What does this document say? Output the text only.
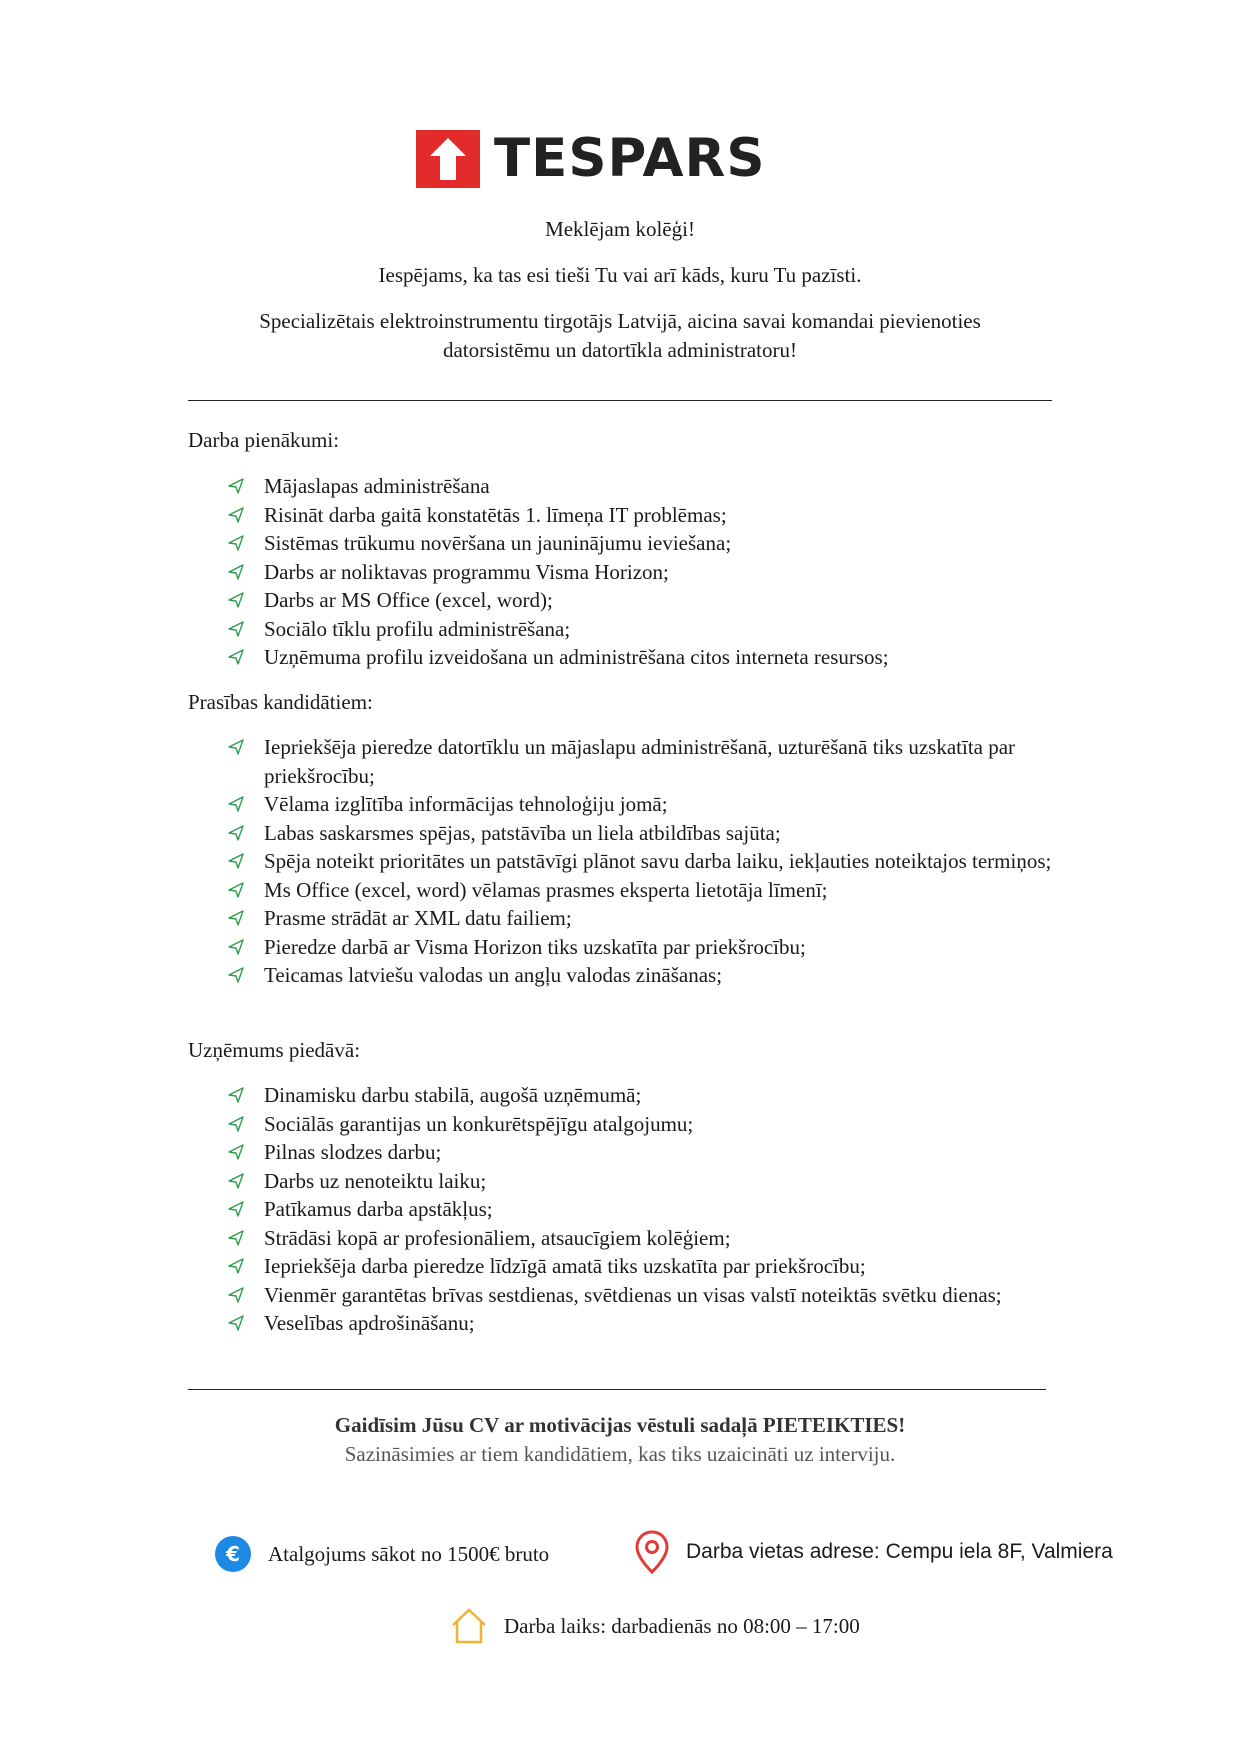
TESPARS
Meklējam kolēģi!
Iespējams, ka tas esi tieši Tu vai arī kāds, kuru Tu pazīsti.
Specializētais elektroinstrumentu tirgotājs Latvijā, aicina savai komandai pievienoties
datorsistēmu un datortīkla administratoru!
Darba pienākumi:
Mājaslapas administrēšana
Risināt darba gaitā konstatētās 1. līmeņa IT problēmas;
Sistēmas trūkumu novēršana un jauninājumu ieviešana;
Darbs ar noliktavas programmu Visma Horizon;
Darbs ar MS Office (excel, word);
Sociālo tīklu profilu administrēšana;
Uzņēmuma profilu izveidošana un administrēšana citos interneta resursos;
Prasības kandidātiem:
Iepriekšēja pieredze datortīklu un mājaslapu administrēšanā, uzturēšanā tiks uzskatīta par priekšrocību;
Vēlama izglītība informācijas tehnoloģiju jomā;
Labas saskarsmes spējas, patstāvība un liela atbildības sajūta;
Spēja noteikt prioritātes un patstāvīgi plānot savu darba laiku, iekļauties noteiktajos termiņos;
Ms Office (excel, word) vēlamas prasmes eksperta lietotāja līmenī;
Prasme strādāt ar XML datu failiem;
Pieredze darbā ar Visma Horizon tiks uzskatīta par priekšrocību;
Teicamas latviešu valodas un angļu valodas zināšanas;
Uzņēmums piedāvā:
Dinamisku darbu stabilā, augošā uzņēmumā;
Sociālās garantijas un konkurētspējīgu atalgojumu;
Pilnas slodzes darbu;
Darbs uz nenoteiktu laiku;
Patīkamus darba apstākļus;
Strādāsi kopā ar profesionāliem, atsaucīgiem kolēģiem;
Iepriekšēja darba pieredze līdzīgā amatā tiks uzskatīta par priekšrocību;
Vienmēr garantētas brīvas sestdienas, svētdienas un visas valstī noteiktās svētku dienas;
Veselības apdrošināšanu;
Gaidīsim Jūsu CV ar motivācijas vēstuli sadaļā PIETEIKTIES!
Sazināsimies ar tiem kandidātiem, kas tiks uzaicināti uz interviju.
€ Atalgojums sākot no 1500€ bruto	Darba vietas adrese: Cempu iela 8F, Valmiera
Darba laiks: darbadienās no 08:00 – 17:00
